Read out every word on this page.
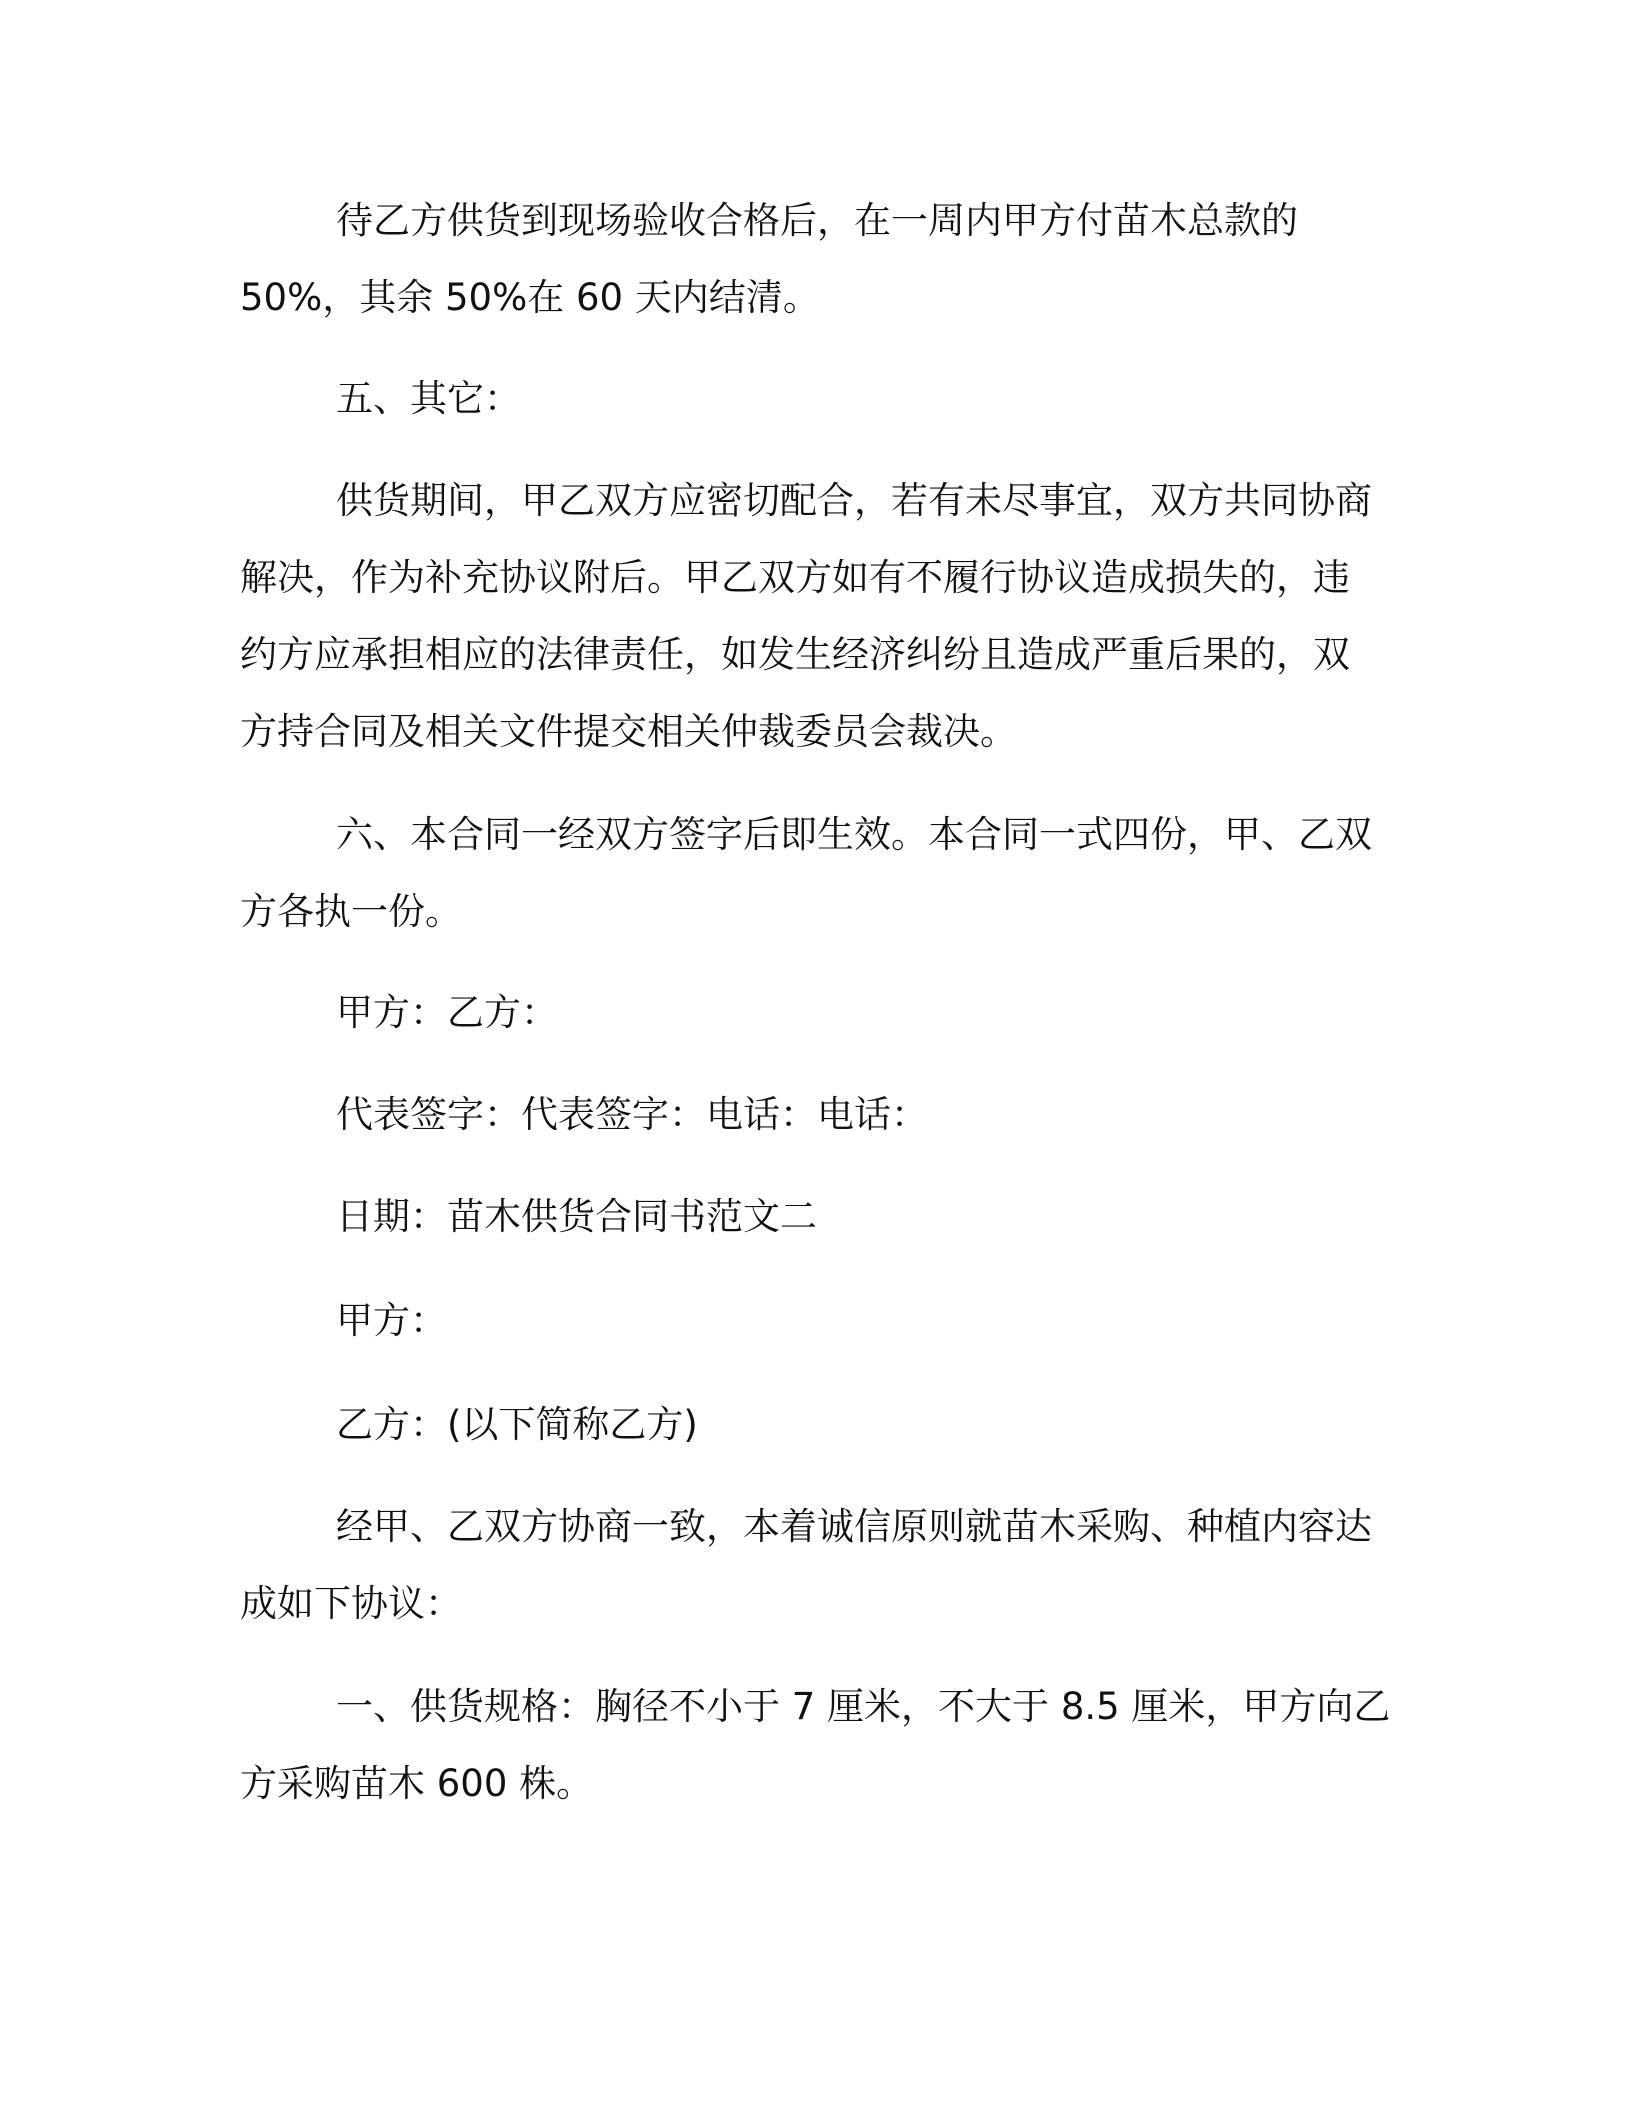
待乙方供货到现场验收合格后，在一周内甲方付苗木总款的
50%，其余 50%在 60 天内结清。

五、其它：

供货期间，甲乙双方应密切配合，若有未尽事宜，双方共同协商
解决，作为补充协议附后。甲乙双方如有不履行协议造成损失的，违
约方应承担相应的法律责任，如发生经济纠纷且造成严重后果的，双
方持合同及相关文件提交相关仲裁委员会裁决。

六、本合同一经双方签字后即生效。本合同一式四份，甲、乙双
方各执一份。

甲方：乙方：

代表签字：代表签字：电话：电话：

日期：苗木供货合同书范文二

甲方：

乙方：(以下简称乙方)

经甲、乙双方协商一致，本着诚信原则就苗木采购、种植内容达
成如下协议：

一、供货规格：胸径不小于 7 厘米，不大于 8.5 厘米，甲方向乙
方采购苗木 600 株。
